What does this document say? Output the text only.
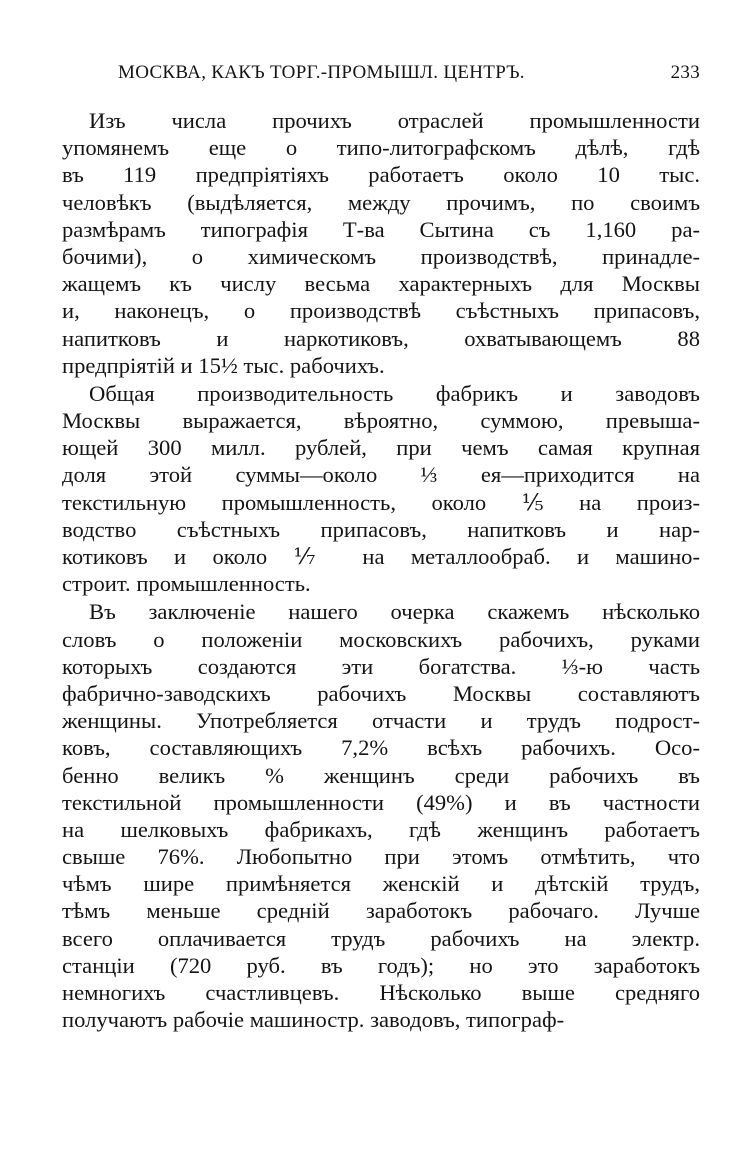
МОСКВА, КАКЪ ТОРГ.-ПРОМЫШЛ. ЦЕНТРЪ.	233
Изъ числа прочихъ отраслей промышленности
упомянемъ еще о типо-литографскомъ дѣлѣ, гдѣ
въ 119 предпріятіяхъ работаетъ около 10 тыс.
человѣкъ (выдѣляется, между прочимъ, по своимъ
размѣрамъ типографія Т-ва Сытина съ 1,160 ра-
бочими), о химическомъ производствѣ, принадле-
жащемъ къ числу весьма характерныхъ для Москвы
и, наконецъ, о производствѣ съѣстныхъ припасовъ,
напитковъ и наркотиковъ, охватывающемъ 88
предпріятій и 15½ тыс. рабочихъ.
Общая производительность фабрикъ и заводовъ
Москвы выражается, вѣроятно, суммою, превыша-
ющей 300 милл. рублей, при чемъ самая крупная
доля этой суммы—около ⅓ ея—приходится на
текстильную промышленность, около ⅕ на произ-
водство съѣстныхъ припасовъ, напитковъ и нар-
котиковъ и около ⅐ на металлообраб. и машино-
строит. промышленность.
Въ заключеніе нашего очерка скажемъ нѣсколько
словъ о положеніи московскихъ рабочихъ, руками
которыхъ создаются эти богатства. ⅓-ю часть
фабрично-заводскихъ рабочихъ Москвы составляютъ
женщины. Употребляется отчасти и трудъ подрост-
ковъ, составляющихъ 7,2% всѣхъ рабочихъ. Осо-
бенно великъ % женщинъ среди рабочихъ въ
текстильной промышленности (49%) и въ частности
на шелковыхъ фабрикахъ, гдѣ женщинъ работаетъ
свыше 76%. Любопытно при этомъ отмѣтить, что
чѣмъ шире примѣняется женскій и дѣтскій трудъ,
тѣмъ меньше средній заработокъ рабочаго. Лучше
всего оплачивается трудъ рабочихъ на электр.
станціи (720 руб. въ годъ); но это заработокъ
немногихъ счастливцевъ. Нѣсколько выше средняго
получаютъ рабочіе машиностр. заводовъ, типограф-
